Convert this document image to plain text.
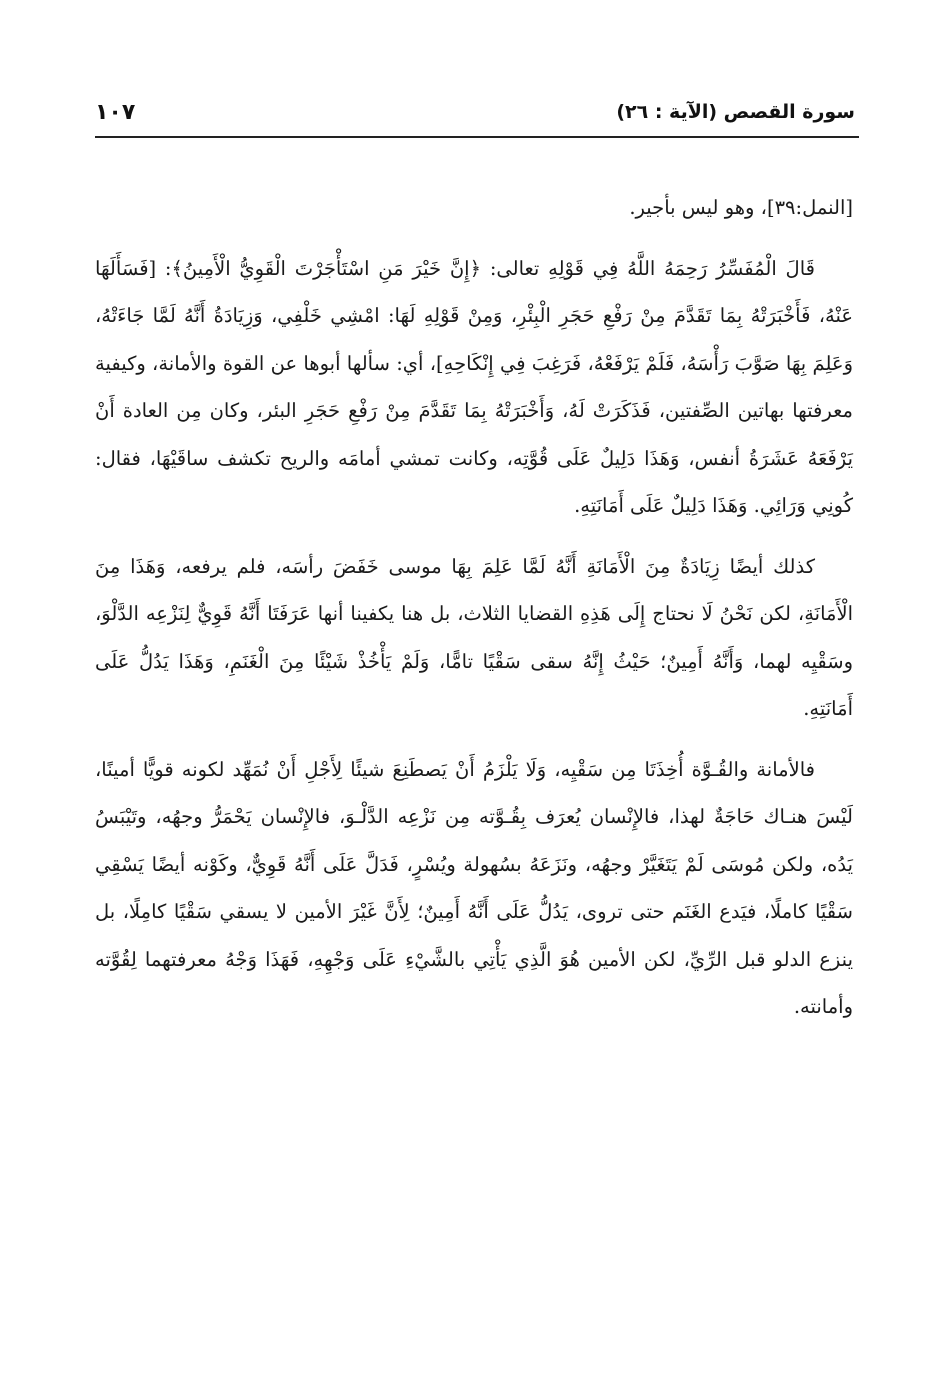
سورة القصص (الآية : ٢٦)
١٠٧

[النمل:٣٩]، وهو ليس بأجير.

قَالَ الْمُفَسِّرُ رَحِمَهُ اللَّهُ فِي قَوْلِهِ تعالى: ﴿إِنَّ خَيْرَ مَنِ اسْتَأْجَرْتَ الْقَوِيُّ الْأَمِينُ﴾: [فَسَأَلَهَا عَنْهُ، فَأَخْبَرَتْهُ بِمَا تَقَدَّمَ مِنْ رَفْعِ حَجَرِ الْبِئْرِ، وَمِنْ قَوْلِهِ لَهَا: امْشِي خَلْفِي، وَزِيَادَةُ أَنَّهُ لَمَّا جَاءَتْهُ، وَعَلِمَ بِهَا صَوَّبَ رَأْسَهُ، فَلَمْ يَرْفَعْهُ، فَرَغِبَ فِي إِنْكَاحِهِ]، أي: سألها أبوها عن القوة والأمانة، وكيفية معرفتها بهاتين الصِّفتين، فَذَكَرَتْ لَهُ، وَأَخْبَرَتْهُ بِمَا تَقَدَّمَ مِنْ رَفْعِ حَجَرِ البئر، وكان مِن العادة أَنْ يَرْفَعَهُ عَشَرَةُ أنفس، وَهَذَا دَلِيلٌ عَلَى قُوَّتِه، وكانت تمشي أمامَه والريح تكشف ساقَيْهَا، فقال: كُونِي وَرَائِي. وَهَذَا دَلِيلٌ عَلَى أَمَانَتِهِ.

كذلك أيضًا زِيَادَةٌ مِنَ الْأَمَانَةِ أَنَّهُ لَمَّا عَلِمَ بِهَا موسى خَفَضَ رأسَه، فلم يرفعه، وَهَذَا مِنَ الْأَمَانَةِ، لكن نَحْنُ لَا نحتاج إِلَى هَذِهِ القضايا الثلاث، بل هنا يكفينا أنها عَرَفَتَا أَنَّهُ قَوِيٌّ لِنَزْعِه الدَّلْوَ، وسَقْيِه لهما، وَأَنَّهُ أَمِينٌ؛ حَيْثُ إِنَّهُ سقى سَقْيًا تامًّا، وَلَمْ يَأْخُذْ شَيْئًا مِنَ الْغَنَمِ، وَهَذَا يَدُلُّ عَلَى أَمَانَتِهِ.

فالأمانة والقُـوَّة أُخِذَتَا مِن سَقْيِه، وَلَا يَلْزَمُ أَنْ يَصطَنِعَ شيئًا لِأَجْلِ أَنْ نُمَهِّد لكونه قويًّا أمينًا، لَيْسَ هنـاك حَاجَةٌ لهذا، فالإِنْسان يُعرَف بِقُـوَّته مِن نَزْعِه الدَّلْـوَ، فالإِنْسان يَحْمَرُّ وجهُه، وتَيْبَسُ يَدُه، ولكن مُوسَى لَمْ يَتَغَيَّرْ وجهُه، ونَزَعَهُ بسُهولة ويُسْرٍ، فَدَلَّ عَلَى أَنَّهُ قَوِيٌّ، وكَوْنه أيضًا يَسْقِي سَقْيًا كاملًا، فيَدع الغَنَم حتى تروى، يَدُلُّ عَلَى أَنَّهُ أَمِينٌ؛ لِأَنَّ غَيْرَ الأمين لا يسقي سَقْيًا كامِلًا، بل ينزع الدلو قبل الرِّيِّ، لكن الأمين هُوَ الَّذِي يَأْتِي بالشَّيْءِ عَلَى وَجْهِهِ، فَهَذَا وَجْهُ معرفتهما لِقُوَّته وأمانته.
